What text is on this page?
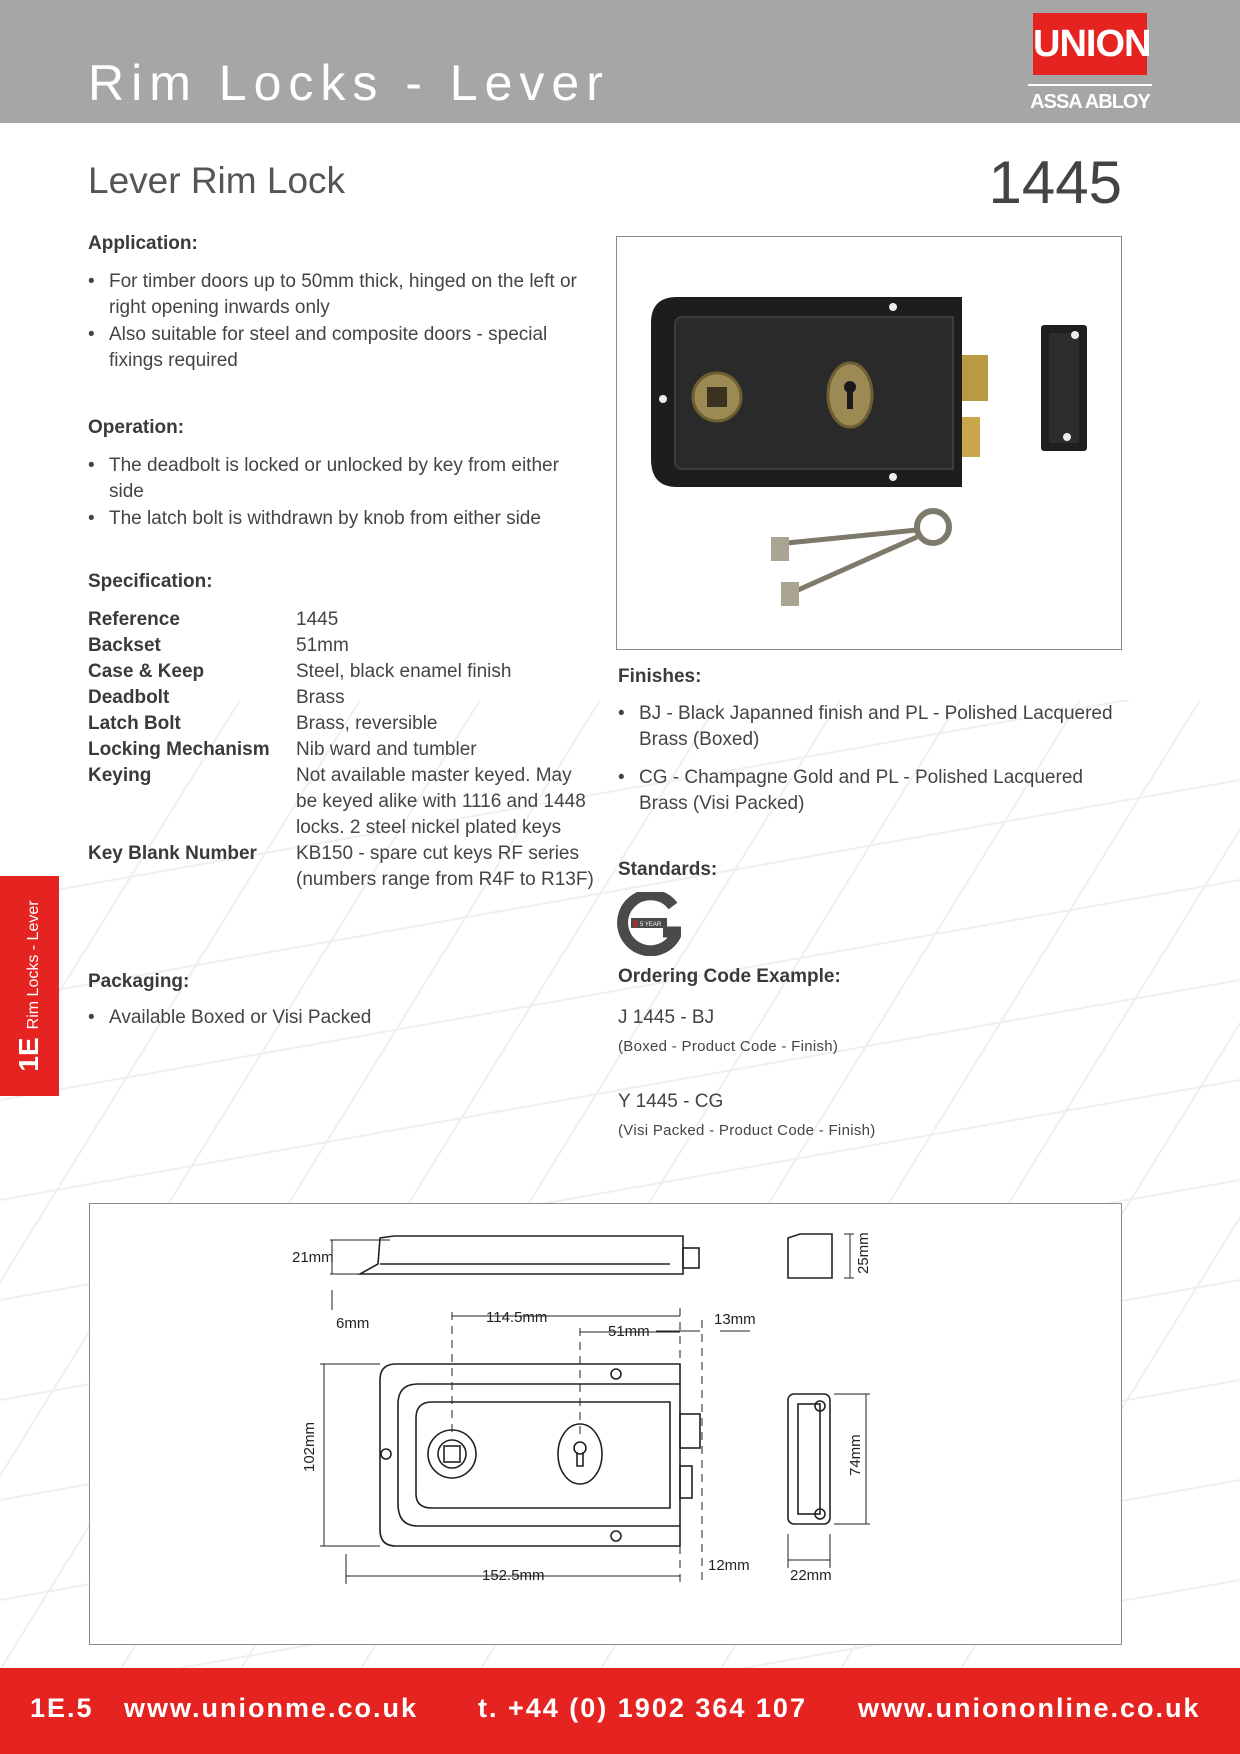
Rim Locks - Lever
UNION
ASSA ABLOY
Lever Rim Lock	1445
Application:
• For timber doors up to 50mm thick, hinged on the left or right opening inwards only
• Also suitable for steel and composite doors - special fixings required
Operation:
• The deadbolt is locked or unlocked by key from either side
• The latch bolt is withdrawn by knob from either side
Specification:
Reference	1445
Backset	51mm
Case & Keep	Steel, black enamel finish
Deadbolt	Brass
Latch Bolt	Brass, reversible
Locking Mechanism	Nib ward and tumbler
Keying	Not available master keyed. May be keyed alike with 1116 and 1448 locks. 2 steel nickel plated keys
Key Blank Number	KB150 - spare cut keys RF series (numbers range from R4F to R13F)
Packaging:
• Available Boxed or Visi Packed
Finishes:
• BJ - Black Japanned finish and PL - Polished Lacquered Brass (Boxed)
• CG - Champagne Gold and PL - Polished Lacquered Brass (Visi Packed)
Standards:
5 5 YEAR
Ordering Code Example:
J 1445 - BJ
(Boxed - Product Code - Finish)
Y 1445 - CG
(Visi Packed - Product Code - Finish)
1E
Rim Locks - Lever
21mm
6mm	114.5mm
51mm
13mm
102mm
152.5mm
12mm
22mm
25mm
74mm
1E.5 www.unionme.co.uk t. +44 (0) 1902 364 107 www.uniononline.co.uk
